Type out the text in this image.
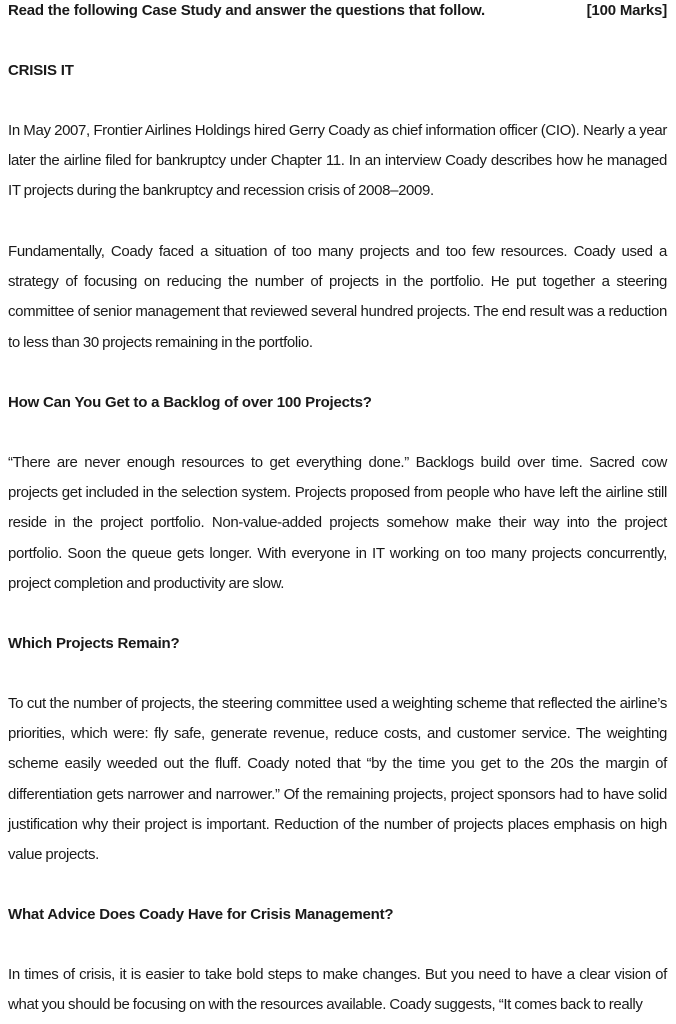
Read the following Case Study and answer the questions that follow.	[100 Marks]
CRISIS IT
In May 2007, Frontier Airlines Holdings hired Gerry Coady as chief information officer (CIO). Nearly a year later the airline filed for bankruptcy under Chapter 11. In an interview Coady describes how he managed IT projects during the bankruptcy and recession crisis of 2008–2009.
Fundamentally, Coady faced a situation of too many projects and too few resources. Coady used a strategy of focusing on reducing the number of projects in the portfolio. He put together a steering committee of senior management that reviewed several hundred projects. The end result was a reduction to less than 30 projects remaining in the portfolio.
How Can You Get to a Backlog of over 100 Projects?
“There are never enough resources to get everything done.” Backlogs build over time. Sacred cow projects get included in the selection system. Projects proposed from people who have left the airline still reside in the project portfolio. Non-value-added projects somehow make their way into the project portfolio. Soon the queue gets longer. With everyone in IT working on too many projects concurrently, project completion and productivity are slow.
Which Projects Remain?
To cut the number of projects, the steering committee used a weighting scheme that reflected the airline’s priorities, which were: fly safe, generate revenue, reduce costs, and customer service. The weighting scheme easily weeded out the fluff. Coady noted that “by the time you get to the 20s the margin of differentiation gets narrower and narrower.” Of the remaining projects, project sponsors had to have solid justification why their project is important. Reduction of the number of projects places emphasis on high value projects.
What Advice Does Coady Have for Crisis Management?
In times of crisis, it is easier to take bold steps to make changes. But you need to have a clear vision of what you should be focusing on with the resources available. Coady suggests, “It comes back to really
